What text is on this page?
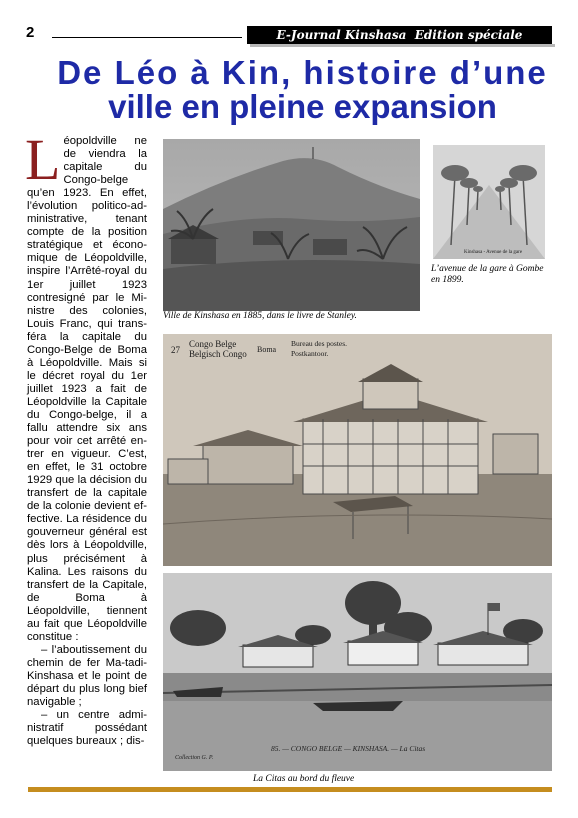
2	E-Journal Kinshasa  Edition spéciale
De Léo à Kin, histoire d’une
ville en pleine expansion
L éopoldville ne de viendra la capitale du Congo-belge qu’en 1923. En effet, l’évolution politico-ad-ministrative, tenant compte de la position stratégique et écono-mique de Léopoldville, inspire l’Arrêté-royal du 1er juillet 1923 contresigné par le Mi-nistre des colonies, Louis Franc, qui trans-féra la capitale du Congo-Belge de Boma à Léopoldville. Mais si le décret royal du 1er juillet 1923 a fait de Léopoldville la Capitale du Congo-belge, il a fallu attendre six ans pour voir cet arrêté en-trer en vigueur. C’est, en effet, le 31 octobre 1929 que la décision du transfert de la capitale de la colonie devient ef-fective. La résidence du gouverneur général est dès lors à Léopoldville, plus précisément à Kalina. Les raisons du transfert de la Capitale, de Boma à Léopoldville, tiennent au fait que Léopoldville constitue :

– l’aboutissement du chemin de fer Ma-tadi-Kinshasa et le point de départ du plus long bief navigable ;

– un centre admi-nistratif possédant quelques bureaux ; dis-

Ville de Kinshasa en 1885, dans le livre de Stanley.
Kinshasa - Avenue de la gare
L’avenue de la gare à Gombe en 1899.
27
Congo Belge
Belgisch Congo Boma
Bureau des postes.
Postkantoor.
85. — CONGO BELGE — KINSHASA. — La Citas
Collection G. P.
La Citas au bord du fleuve
